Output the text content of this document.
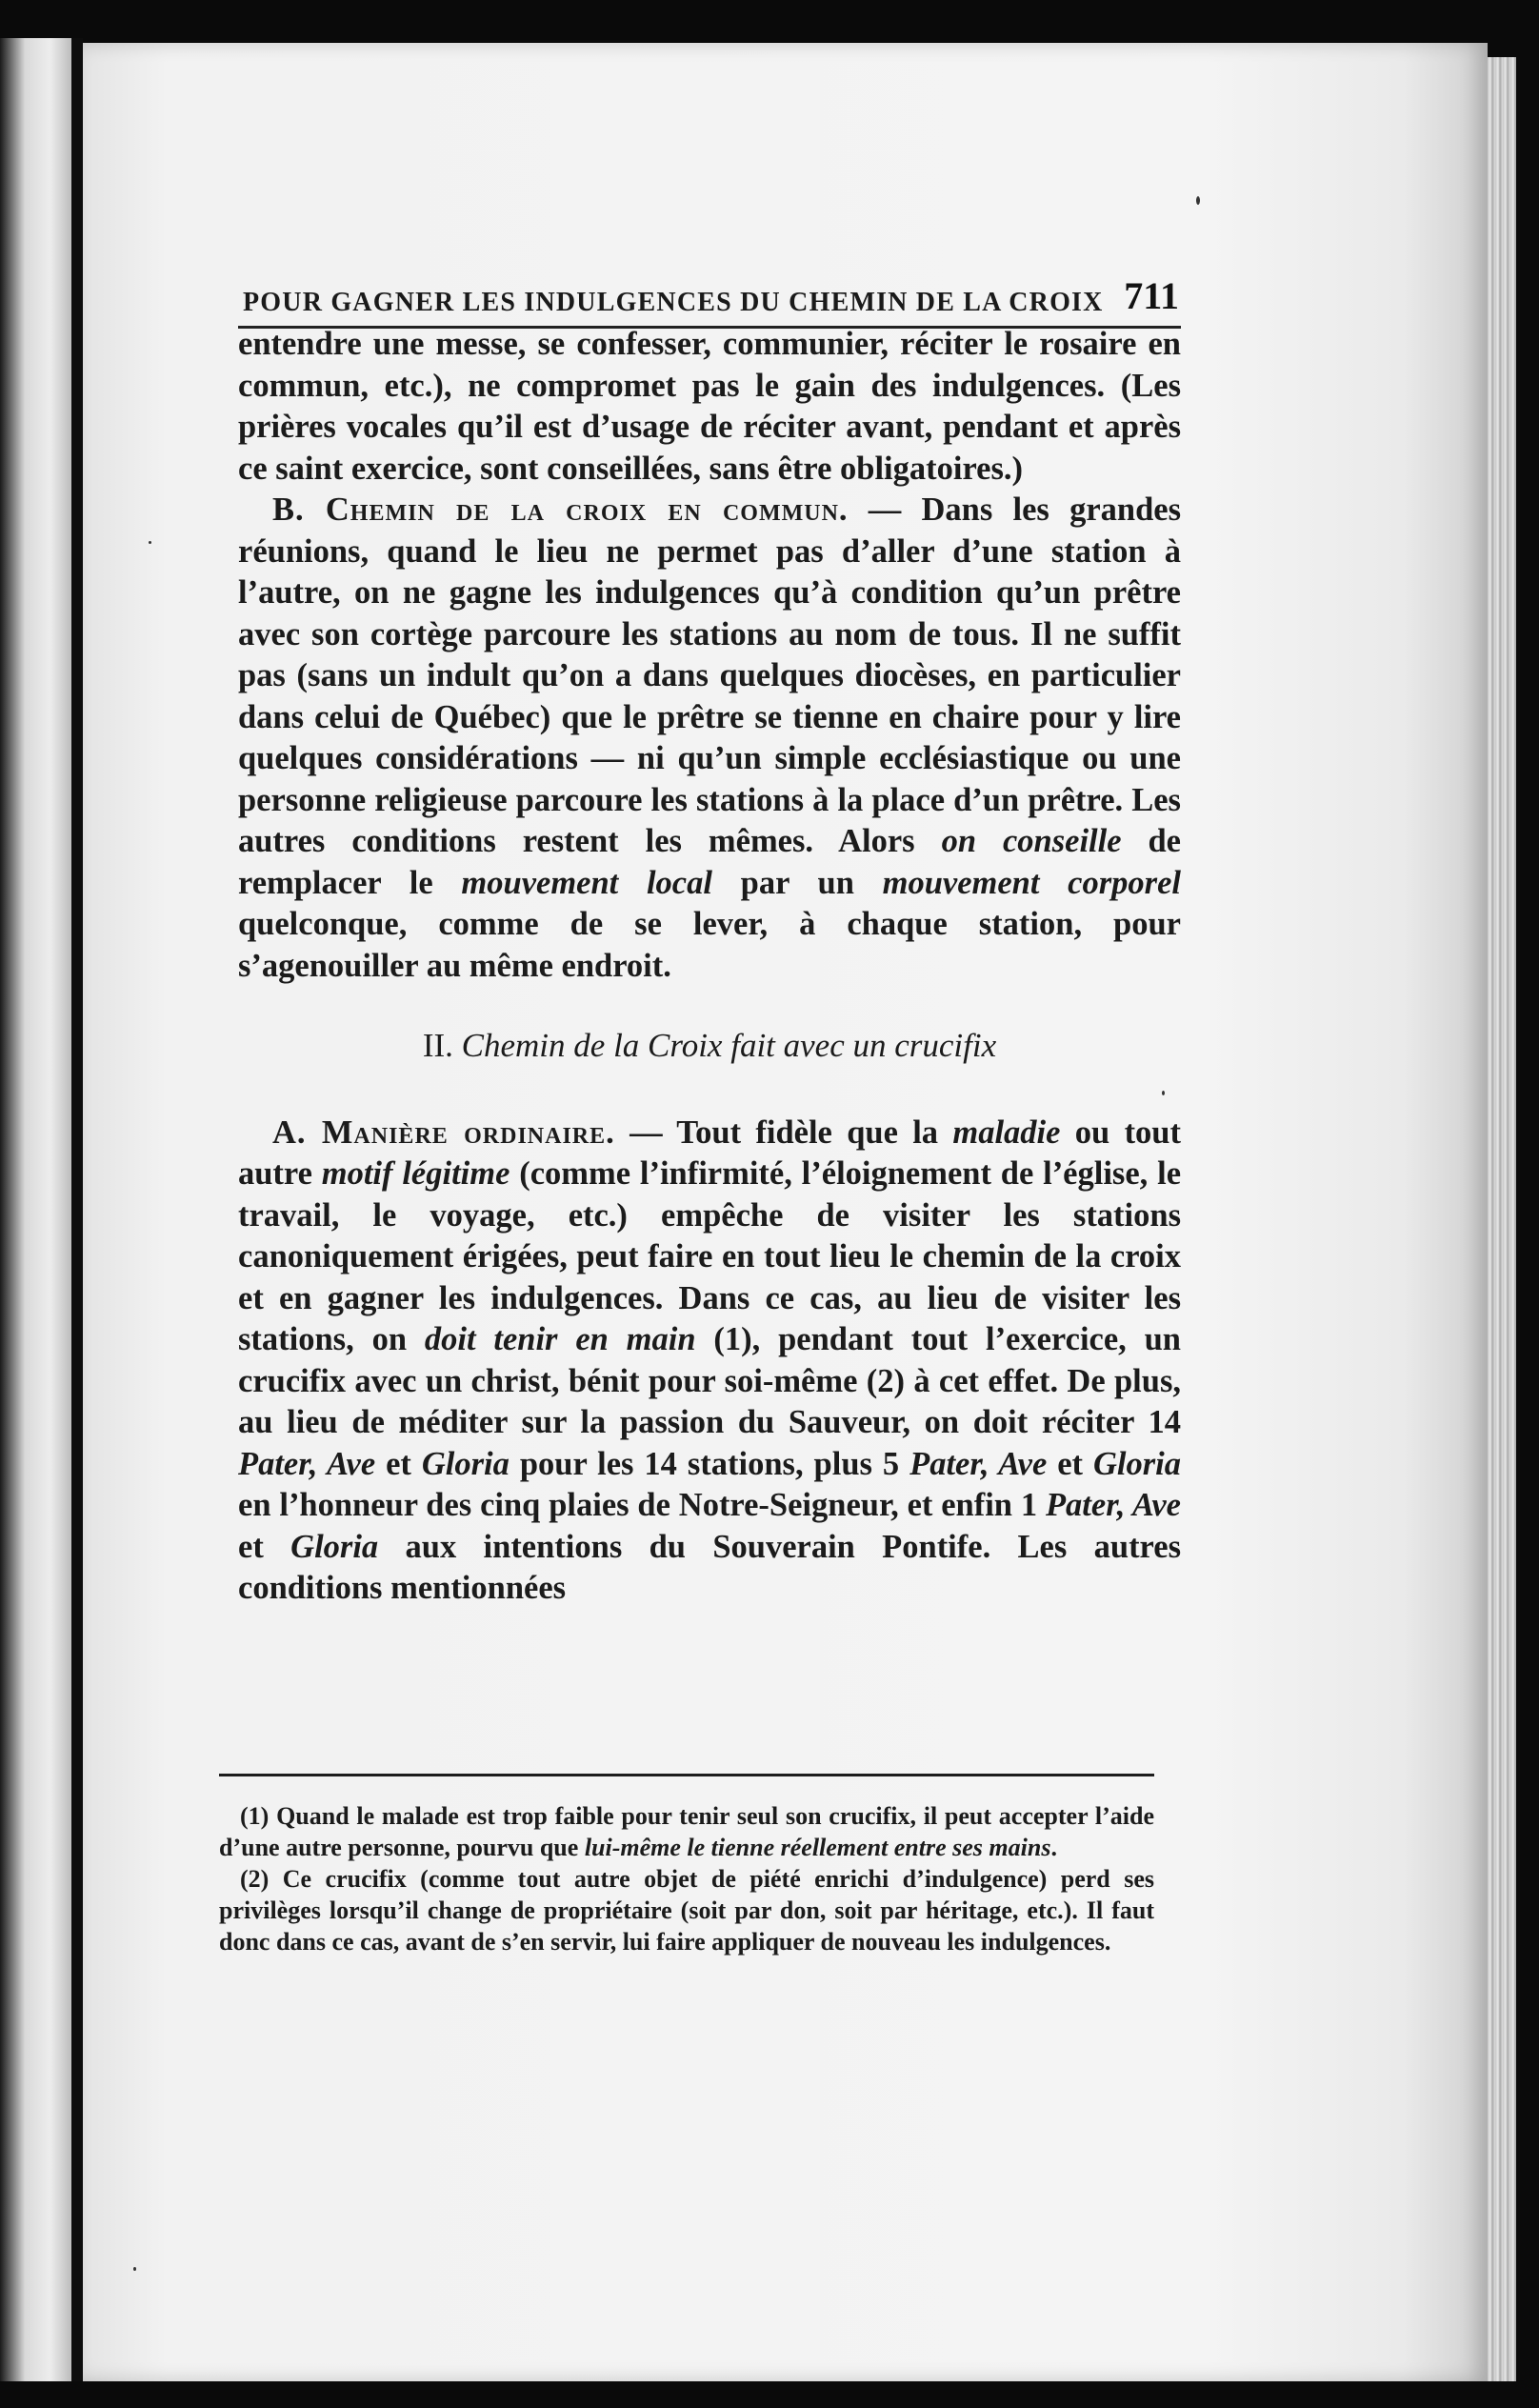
POUR GAGNER LES INDULGENCES DU CHEMIN DE LA CROIX 711

entendre une messe, se confesser, communier, réciter le rosaire en commun, etc.), ne compromet pas le gain des indulgences. (Les prières vocales qu’il est d’usage de réciter avant, pendant et après ce saint exercice, sont conseillées, sans être obligatoires.)

B. Chemin de la croix en commun. — Dans les grandes réunions, quand le lieu ne permet pas d’aller d’une station à l’autre, on ne gagne les indulgences qu’à condition qu’un prêtre avec son cortège parcoure les stations au nom de tous. Il ne suffit pas (sans un indult qu’on a dans quelques diocèses, en particulier dans celui de Québec) que le prêtre se tienne en chaire pour y lire quelques considérations — ni qu’un simple ecclésiastique ou une personne religieuse parcoure les stations à la place d’un prêtre. Les autres conditions restent les mêmes. Alors on conseille de remplacer le mouvement local par un mouvement corporel quelconque, comme de se lever, à chaque station, pour s’agenouiller au même endroit.

II. Chemin de la Croix fait avec un crucifix

A. Manière ordinaire. — Tout fidèle que la maladie ou tout autre motif légitime (comme l’infirmité, l’éloignement de l’église, le travail, le voyage, etc.) empêche de visiter les stations canoniquement érigées, peut faire en tout lieu le chemin de la croix et en gagner les indulgences. Dans ce cas, au lieu de visiter les stations, on doit tenir en main (1), pendant tout l’exercice, un crucifix avec un christ, bénit pour soi-même (2) à cet effet. De plus, au lieu de méditer sur la passion du Sauveur, on doit réciter 14 Pater, Ave et Gloria pour les 14 stations, plus 5 Pater, Ave et Gloria en l’honneur des cinq plaies de Notre-Seigneur, et enfin 1 Pater, Ave et Gloria aux intentions du Souverain Pontife. Les autres conditions mentionnées

(1) Quand le malade est trop faible pour tenir seul son crucifix, il peut accepter l’aide d’une autre personne, pourvu que lui-même le tienne réellement entre ses mains.

(2) Ce crucifix (comme tout autre objet de piété enrichi d’indulgence) perd ses privilèges lorsqu’il change de propriétaire (soit par don, soit par héritage, etc.). Il faut donc dans ce cas, avant de s’en servir, lui faire appliquer de nouveau les indulgences.
